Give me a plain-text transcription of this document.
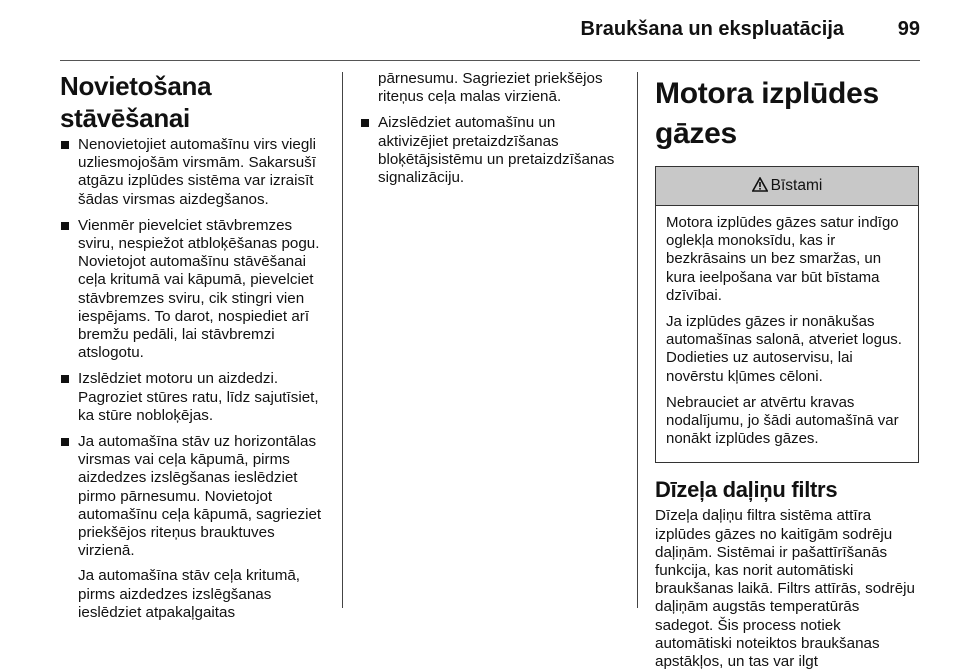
Braukšana un ekspluatācija	99
Novietošana stāvēšanai

Nenovietojiet automašīnu virs viegli uzliesmojošām virsmām. Sakarsušī atgāzu izplūdes sistēma var izraisīt šādas virsmas aizdegšanos.

Vienmēr pievelciet stāvbremzes sviru, nespiežot atbloķēšanas pogu. Novietojot automašīnu stāvēšanai ceļa kritumā vai kāpumā, pievelciet stāvbremzes sviru, cik stingri vien iespējams. To darot, nospiediet arī bremžu pedāli, lai stāvbremzi atslogotu.

Izslēdziet motoru un aizdedzi. Pagroziet stūres ratu, līdz sajutīsiet, ka stūre nobloķējas.

Ja automašīna stāv uz horizontālas virsmas vai ceļa kāpumā, pirms aizdedzes izslēgšanas ieslēdziet pirmo pārnesumu. Novietojot automašīnu ceļa kāpumā, sagrieziet priekšējos riteņus brauktuves virzienā.

Ja automašīna stāv ceļa kritumā, pirms aizdedzes izslēgšanas ieslēdziet atpakaļgaitas

pārnesumu. Sagrieziet priekšējos riteņus ceļa malas virzienā.

Aizslēdziet automašīnu un aktivizējiet pretaizdzīšanas bloķētājsistēmu un pretaizdzīšanas signalizāciju.

Motora izplūdes gāzes
Bīstami

Motora izplūdes gāzes satur indīgo oglekļa monoksīdu, kas ir bezkrāsains un bez smaržas, un kura ieelpošana var būt bīstama dzīvībai.

Ja izplūdes gāzes ir nonākušas automašīnas salonā, atveriet logus. Dodieties uz autoservisu, lai novērstu kļūmes cēloni.

Nebrauciet ar atvērtu kravas nodalījumu, jo šādi automašīnā var nonākt izplūdes gāzes.

Dīzeļa daļiņu filtrs

Dīzeļa daļiņu filtra sistēma attīra izplūdes gāzes no kaitīgām sodrēju daļiņām. Sistēmai ir pašattīrīšanās funkcija, kas norit automātiski braukšanas laikā. Filtrs attīrās, sodrēju daļiņām augstās temperatūrās sadegot. Šis process notiek automātiski noteiktos braukšanas apstākļos, un tas var ilgt
